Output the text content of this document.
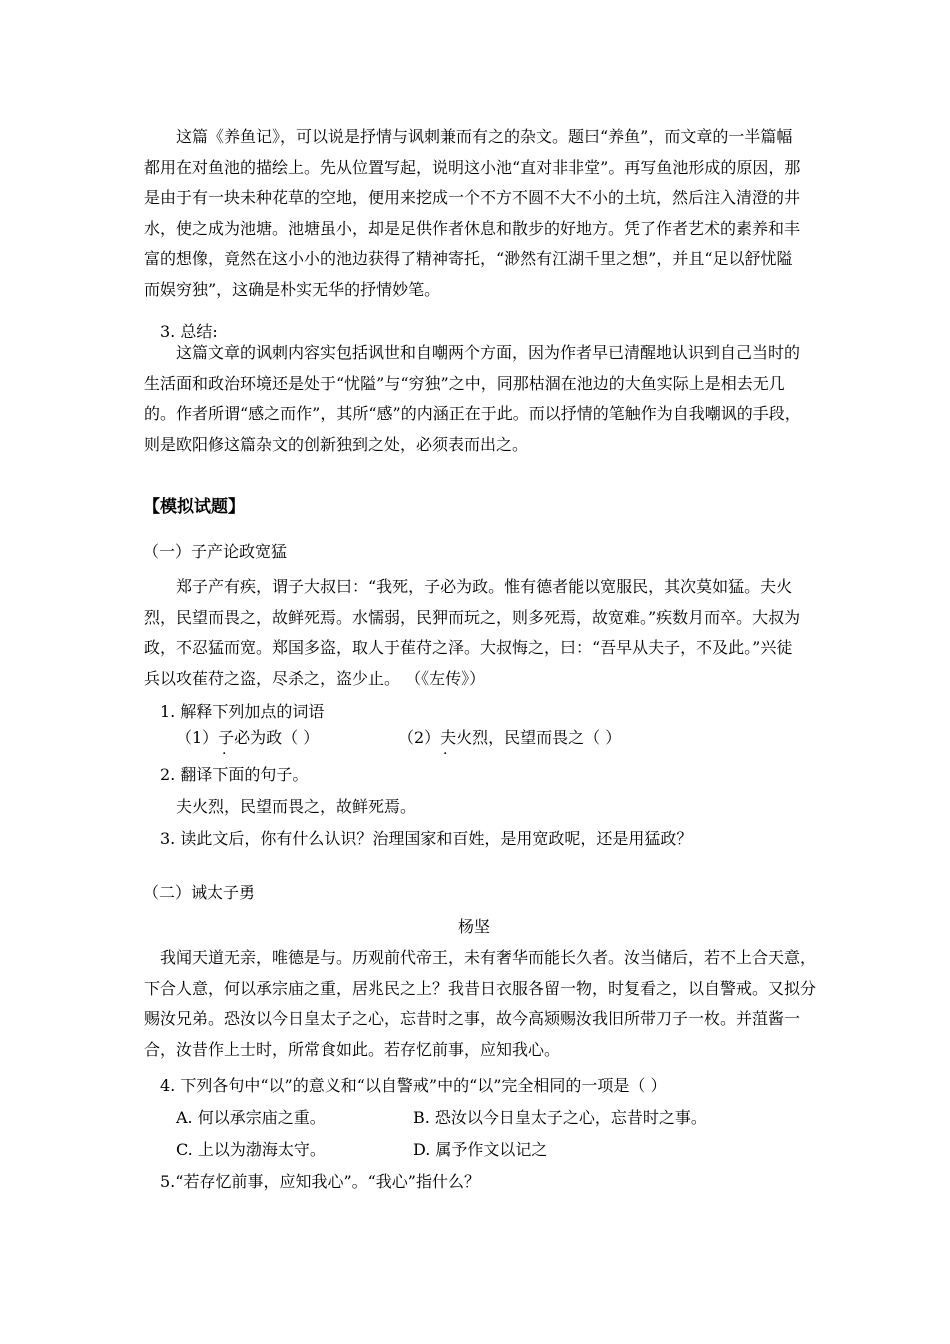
这篇《养鱼记》，可以说是抒情与讽刺兼而有之的杂文。题曰“养鱼”，而文章的一半篇幅都用在对鱼池的描绘上。先从位置写起，说明这小池“直对非非堂”。再写鱼池形成的原因，那是由于有一块未种花草的空地，便用来挖成一个不方不圆不大不小的土坑，然后注入清澄的井水，使之成为池塘。池塘虽小，却是足供作者休息和散步的好地方。凭了作者艺术的素养和丰富的想像，竟然在这小小的池边获得了精神寄托，“渺然有江湖千里之想”，并且“足以舒忧隘而娱穷独”，这确是朴实无华的抒情妙笔。
3. 总结:
这篇文章的讽刺内容实包括讽世和自嘲两个方面，因为作者早已清醒地认识到自己当时的生活面和政治环境还是处于“忧隘”与“穷独”之中，同那枯涸在池边的大鱼实际上是相去无几的。作者所谓“感之而作”，其所“感”的内涵正在于此。而以抒情的笔触作为自我嘲讽的手段，则是欧阳修这篇杂文的创新独到之处，必须表而出之。
【模拟试题】
（一）子产论政宽猛
郑子产有疾，谓子大叔曰：“我死，子必为政。惟有德者能以宽服民，其次莫如猛。夫火烈，民望而畏之，故鲜死焉。水懦弱，民狎而玩之，则多死焉，故宽难。”疾数月而卒。大叔为政，不忍猛而宽。郑国多盗，取人于萑苻之泽。大叔悔之，曰：“吾早从夫子，不及此。”兴徒兵以攻萑苻之盗，尽杀之，盗少止。 （《左传》）
1. 解释下列加点的词语
（1）子必为政（ ）
·
（2）夫火烈，民望而畏之（ ）
·
2. 翻译下面的句子。
夫火烈，民望而畏之，故鲜死焉。
3. 读此文后，你有什么认识？治理国家和百姓，是用宽政呢，还是用猛政？
（二）诫太子勇
杨坚
我闻天道无亲，唯德是与。历观前代帝王，未有奢华而能长久者。汝当储后，若不上合天意，下合人意，何以承宗庙之重，居兆民之上？我昔日衣服各留一物，时复看之，以自警戒。又拟分赐汝兄弟。恐汝以今日皇太子之心，忘昔时之事，故今高颎赐汝我旧所带刀子一枚。并菹酱一合，汝昔作上士时，所常食如此。若存忆前事，应知我心。
4. 下列各句中“以”的意义和“以自警戒”中的“以”完全相同的一项是（ ）
A. 何以承宗庙之重。	B. 恐汝以今日皇太子之心，忘昔时之事。
C. 上以为渤海太守。	D. 属予作文以记之
5.“若存忆前事，应知我心”。“我心”指什么？
